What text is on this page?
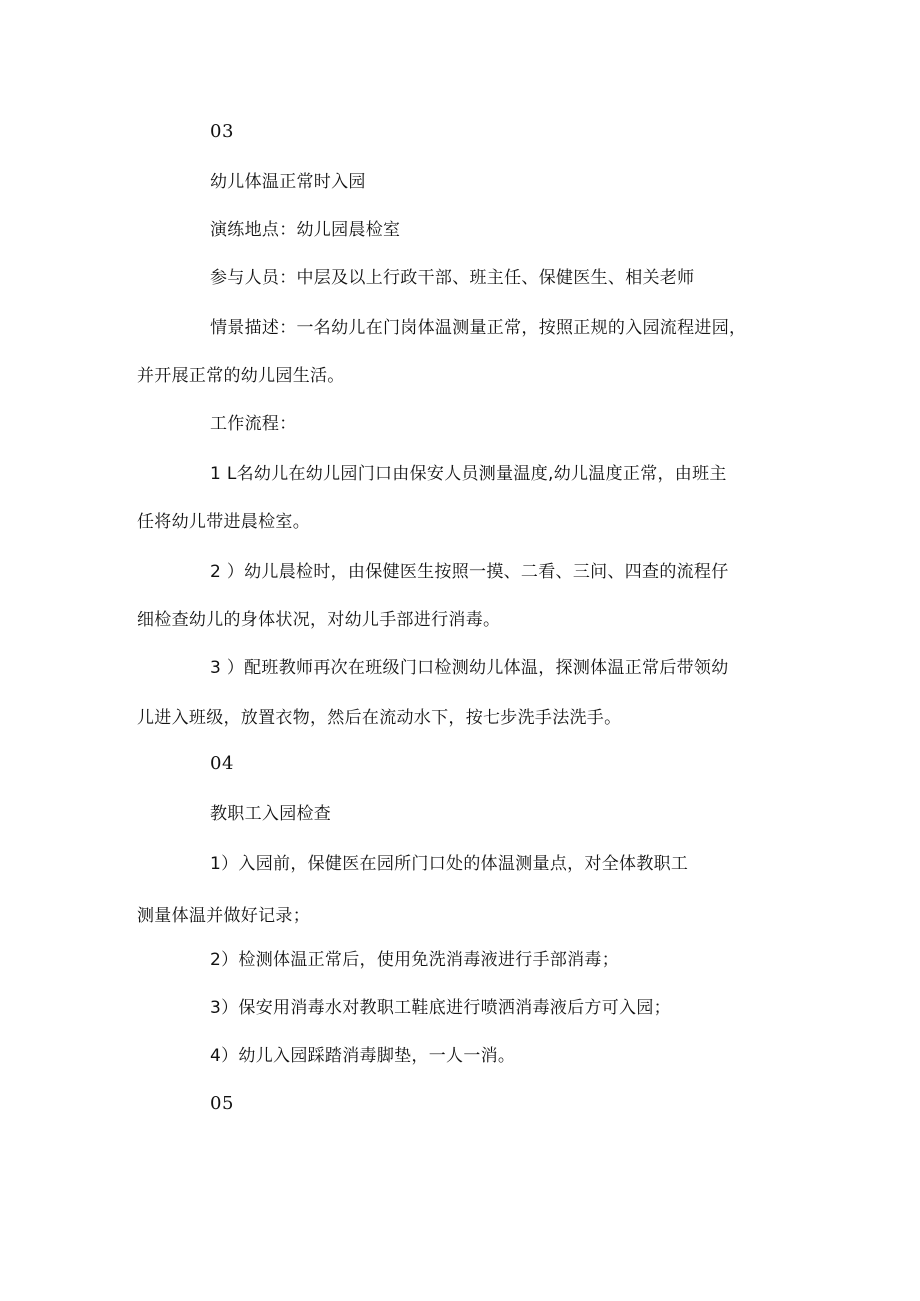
03
幼儿体温正常时入园
演练地点：幼儿园晨检室
参与人员：中层及以上行政干部、班主任、保健医生、相关老师
情景描述：一名幼儿在门岗体温测量正常，按照正规的入园流程进园，
并开展正常的幼儿园生活。
工作流程：
1 L名幼儿在幼儿园门口由保安人员测量温度,幼儿温度正常，由班主
任将幼儿带进晨检室。
2 ）幼儿晨检时，由保健医生按照一摸、二看、三问、四查的流程仔
细检查幼儿的身体状况，对幼儿手部进行消毒。
3 ）配班教师再次在班级门口检测幼儿体温，探测体温正常后带领幼
儿进入班级，放置衣物，然后在流动水下，按七步洗手法洗手。
04
教职工入园检查
1）入园前，保健医在园所门口处的体温测量点，对全体教职工
测量体温并做好记录；
2）检测体温正常后，使用免洗消毒液进行手部消毒；
3）保安用消毒水对教职工鞋底进行喷洒消毒液后方可入园；
4）幼儿入园踩踏消毒脚垫，一人一消。
05
